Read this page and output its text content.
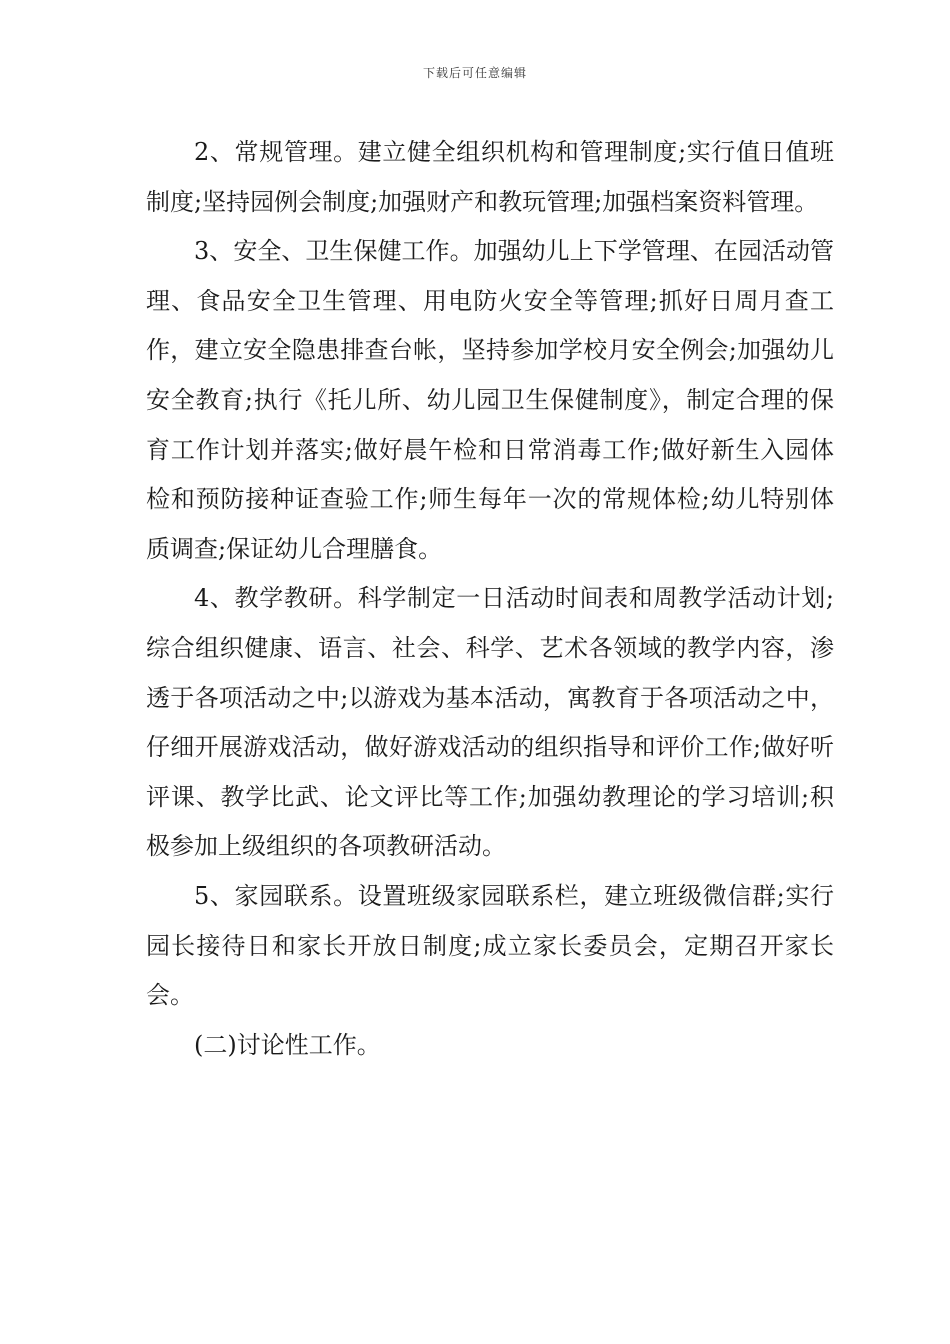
下载后可任意编辑

2、常规管理。建立健全组织机构和管理制度;实行值日值班制度;坚持园例会制度;加强财产和教玩管理;加强档案资料管理。

3、安全、卫生保健工作。加强幼儿上下学管理、在园活动管理、食品安全卫生管理、用电防火安全等管理;抓好日周月查工作，建立安全隐患排查台帐，坚持参加学校月安全例会;加强幼儿安全教育;执行《托儿所、幼儿园卫生保健制度》，制定合理的保育工作计划并落实;做好晨午检和日常消毒工作;做好新生入园体检和预防接种证查验工作;师生每年一次的常规体检;幼儿特别体质调查;保证幼儿合理膳食。

4、教学教研。科学制定一日活动时间表和周教学活动计划;综合组织健康、语言、社会、科学、艺术各领域的教学内容，渗透于各项活动之中;以游戏为基本活动，寓教育于各项活动之中，仔细开展游戏活动，做好游戏活动的组织指导和评价工作;做好听评课、教学比武、论文评比等工作;加强幼教理论的学习培训;积极参加上级组织的各项教研活动。

5、家园联系。设置班级家园联系栏，建立班级微信群;实行园长接待日和家长开放日制度;成立家长委员会，定期召开家长会。

(二)讨论性工作。
